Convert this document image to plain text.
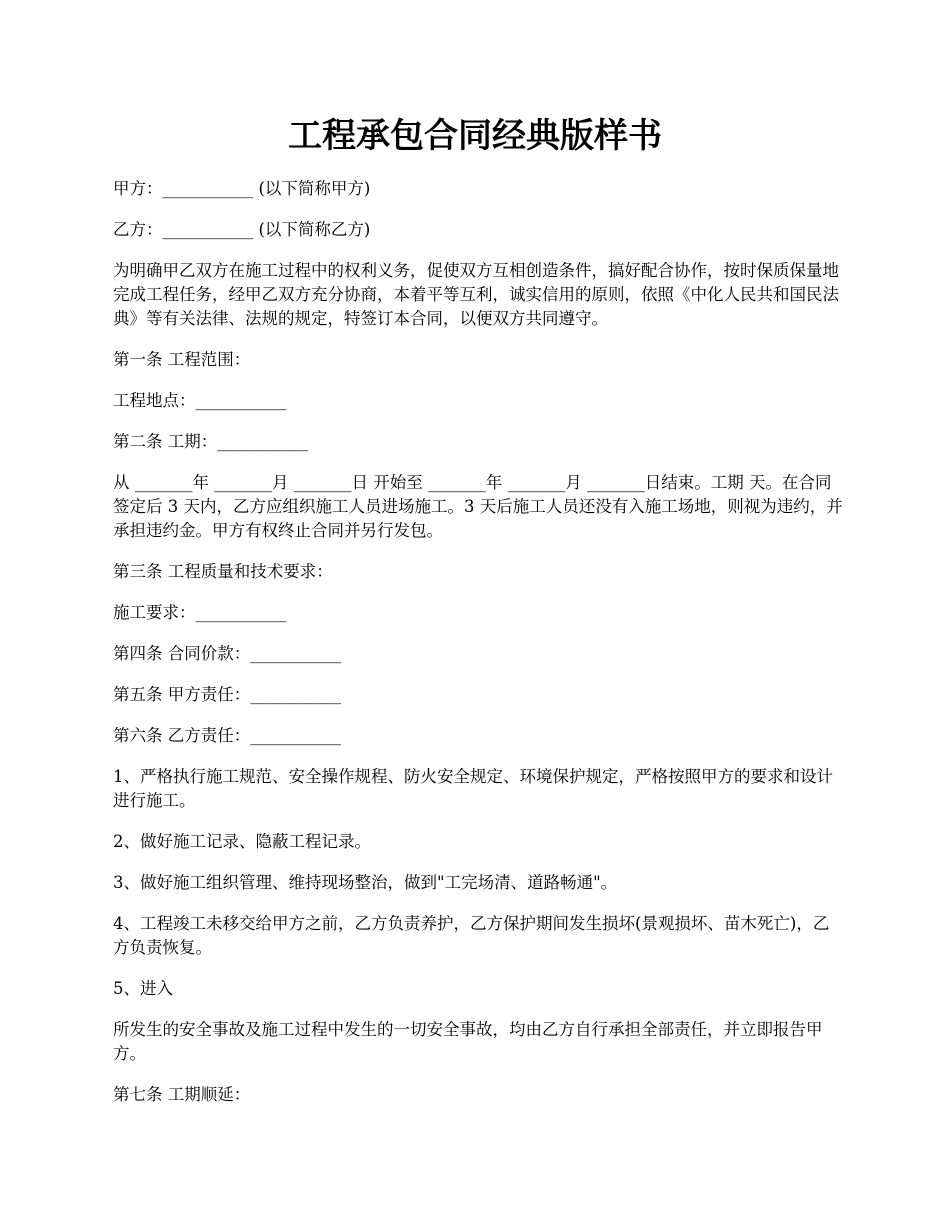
工程承包合同经典版样书

甲方：___________ (以下简称甲方)

乙方：___________ (以下简称乙方)

为明确甲乙双方在施工过程中的权利义务，促使双方互相创造条件，搞好配合协作，按时保质保量地完成工程任务，经甲乙双方充分协商，本着平等互利，诚实信用的原则，依照《中化人民共和国民法典》等有关法律、法规的规定，特签订本合同，以便双方共同遵守。

第一条 工程范围：

工程地点：___________

第二条 工期：___________

从 _______年 _______月 _______日 开始至 _______年 _______月 _______日结束。工期 天。在合同签定后 3 天内，乙方应组织施工人员进场施工。3 天后施工人员还没有入施工场地，则视为违约，并承担违约金。甲方有权终止合同并另行发包。

第三条 工程质量和技术要求：

施工要求：___________

第四条 合同价款：___________

第五条 甲方责任：___________

第六条 乙方责任：___________

1、严格执行施工规范、安全操作规程、防火安全规定、环境保护规定，严格按照甲方的要求和设计进行施工。

2、做好施工记录、隐蔽工程记录。

3、做好施工组织管理、维持现场整治，做到"工完场清、道路畅通"。

4、工程竣工未移交给甲方之前，乙方负责养护，乙方保护期间发生损坏(景观损坏、苗木死亡)，乙方负责恢复。

5、进入

所发生的安全事故及施工过程中发生的一切安全事故，均由乙方自行承担全部责任，并立即报告甲方。

第七条 工期顺延：
